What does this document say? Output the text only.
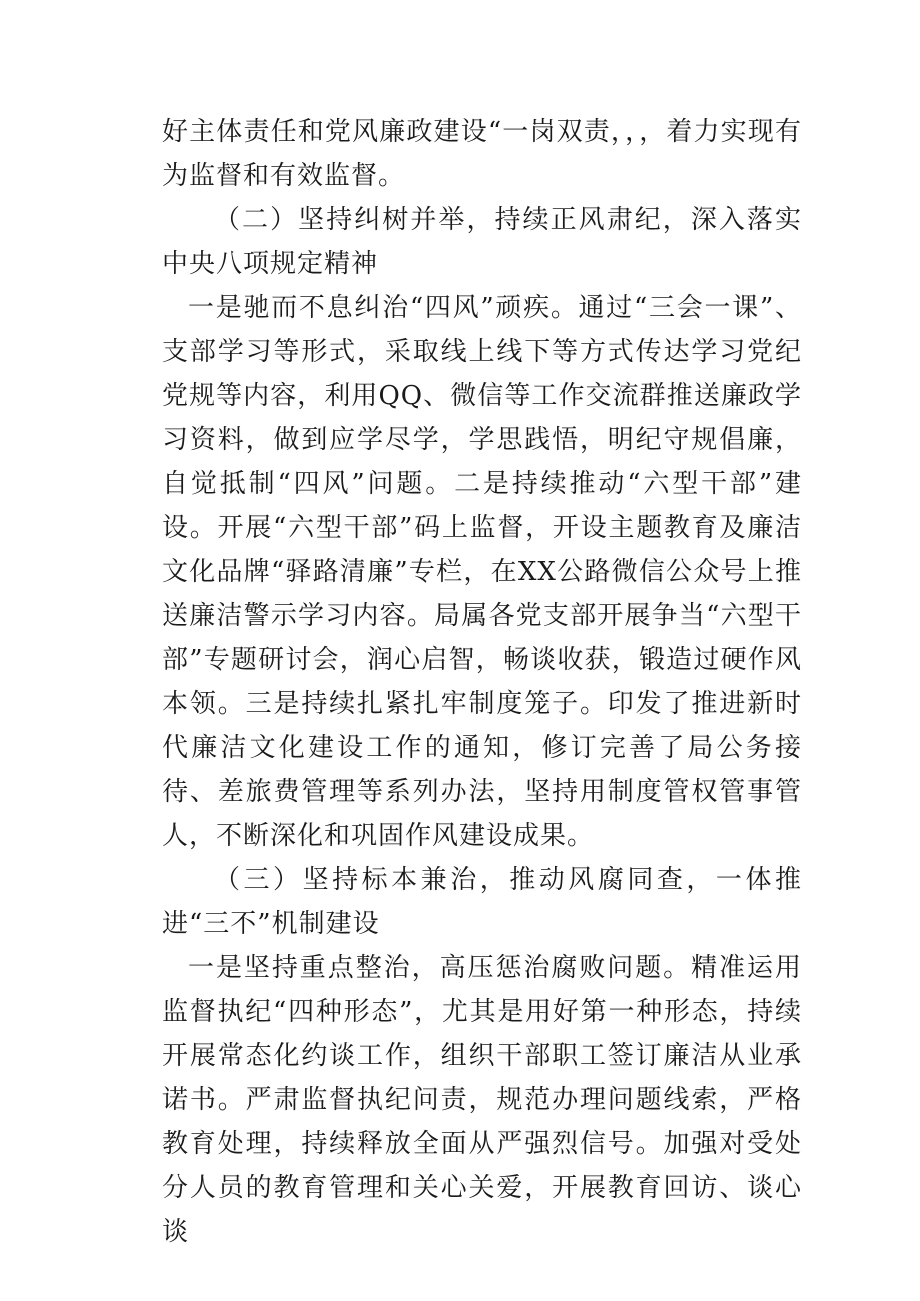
好主体责任和党风廉政建设“一岗双责，，，着力实现有为监督和有效监督。

（二）坚持纠树并举，持续正风肃纪，深入落实中央八项规定精神

一是驰而不息纠治“四风”顽疾。通过“三会一课”、支部学习等形式，采取线上线下等方式传达学习党纪党规等内容，利用QQ、微信等工作交流群推送廉政学习资料，做到应学尽学，学思践悟，明纪守规倡廉，自觉抵制“四风”问题。二是持续推动“六型干部”建设。开展“六型干部”码上监督，开设主题教育及廉洁文化品牌“驿路清廉”专栏，在XX公路微信公众号上推送廉洁警示学习内容。局属各党支部开展争当“六型干部”专题研讨会，润心启智，畅谈收获，锻造过硬作风本领。三是持续扎紧扎牢制度笼子。印发了推进新时代廉洁文化建设工作的通知，修订完善了局公务接待、差旅费管理等系列办法，坚持用制度管权管事管人，不断深化和巩固作风建设成果。

（三）坚持标本兼治，推动风腐同查，一体推进“三不”机制建设

一是坚持重点整治，高压惩治腐败问题。精准运用监督执纪“四种形态”，尤其是用好第一种形态，持续开展常态化约谈工作，组织干部职工签订廉洁从业承诺书。严肃监督执纪问责，规范办理问题线索，严格教育处理，持续释放全面从严强烈信号。加强对受处分人员的教育管理和关心关爱，开展教育回访、谈心谈
